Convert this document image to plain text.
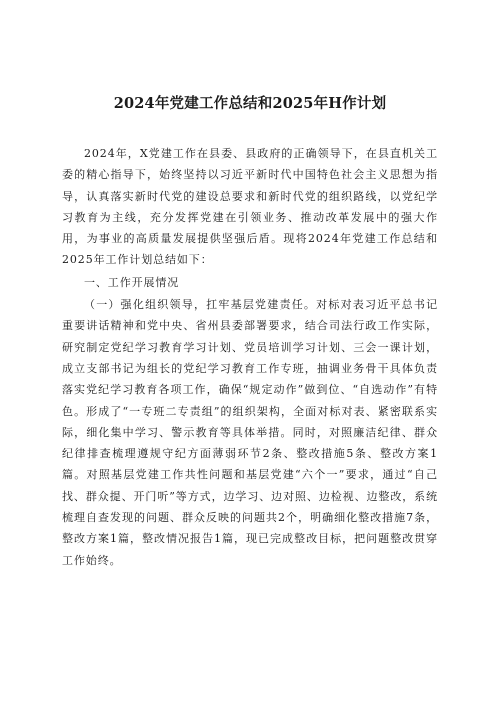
2024年党建工作总结和2025年H作计划

2024年，X党建工作在县委、县政府的正确领导下，在县直机关工委的精心指导下，始终坚持以习近平新时代中国特色社会主义思想为指导，认真落实新时代党的建设总要求和新时代党的组织路线，以党纪学习教育为主线，充分发挥党建在引领业务、推动改革发展中的强大作用，为事业的高质量发展提供坚强后盾。现将2024年党建工作总结和2025年工作计划总结如下：

一、工作开展情况

（一）强化组织领导，扛牢基层党建责任。对标对表习近平总书记重要讲话精神和党中央、省州县委部署要求，结合司法行政工作实际，研究制定党纪学习教育学习计划、党员培训学习计划、三会一课计划，成立支部书记为组长的党纪学习教育工作专班，抽调业务骨干具体负责落实党纪学习教育各项工作，确保“规定动作”做到位、“自选动作”有特色。形成了“一专班二专责组”的组织架构，全面对标对表、紧密联系实际，细化集中学习、警示教育等具体举措。同时，对照廉洁纪律、群众纪律排查梳理遵规守纪方面薄弱环节2条、整改措施5条、整改方案1篇。对照基层党建工作共性问题和基层党建“六个一”要求，通过“自己找、群众提、开门听”等方式，边学习、边对照、边检视、边整改，系统梳理自查发现的问题、群众反映的问题共2个，明确细化整改措施7条，整改方案1篇，整改情况报告1篇，现已完成整改目标，把问题整改贯穿工作始终。
